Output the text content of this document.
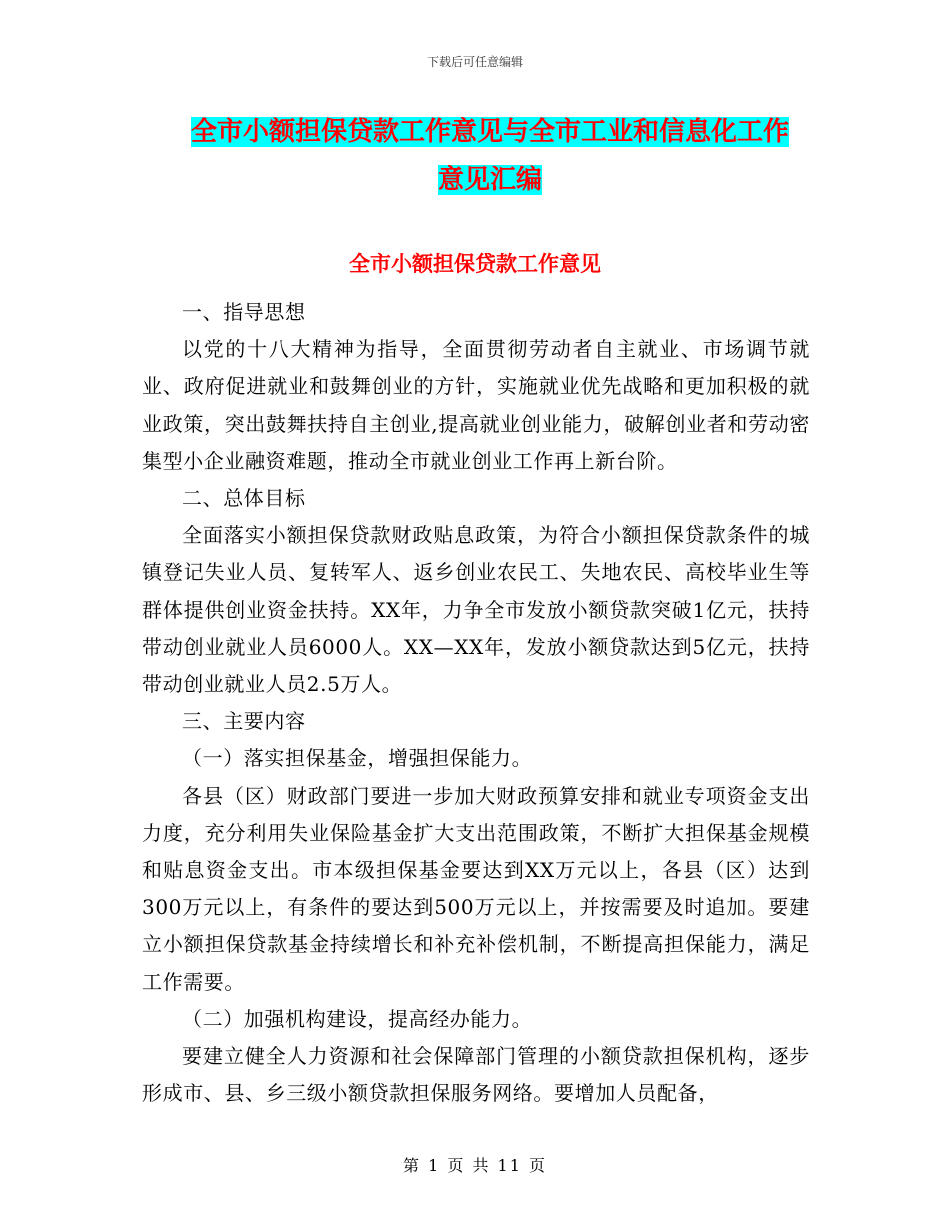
下载后可任意编辑
全市小额担保贷款工作意见与全市工业和信息化工作
意见汇编
全市小额担保贷款工作意见

一、指导思想

以党的十八大精神为指导，全面贯彻劳动者自主就业、市场调节就业、政府促进就业和鼓舞创业的方针，实施就业优先战略和更加积极的就业政策，突出鼓舞扶持自主创业,提高就业创业能力，破解创业者和劳动密集型小企业融资难题，推动全市就业创业工作再上新台阶。

二、总体目标

全面落实小额担保贷款财政贴息政策，为符合小额担保贷款条件的城镇登记失业人员、复转军人、返乡创业农民工、失地农民、高校毕业生等群体提供创业资金扶持。XX年，力争全市发放小额贷款突破1亿元，扶持带动创业就业人员6000人。XX—XX年，发放小额贷款达到5亿元，扶持带动创业就业人员2.5万人。

三、主要内容

（一）落实担保基金，增强担保能力。

各县（区）财政部门要进一步加大财政预算安排和就业专项资金支出力度，充分利用失业保险基金扩大支出范围政策，不断扩大担保基金规模和贴息资金支出。市本级担保基金要达到XX万元以上，各县（区）达到300万元以上，有条件的要达到500万元以上，并按需要及时追加。要建立小额担保贷款基金持续增长和补充补偿机制，不断提高担保能力，满足工作需要。

（二）加强机构建设，提高经办能力。

要建立健全人力资源和社会保障部门管理的小额贷款担保机构，逐步形成市、县、乡三级小额贷款担保服务网络。要增加人员配备，

第 1 页 共 11 页
